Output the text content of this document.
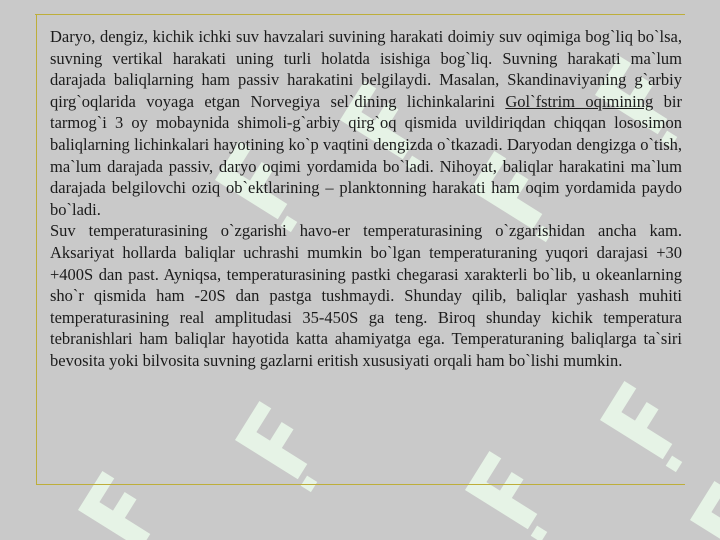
Daryo, dengiz, kichik ichki suv havzalari suvining harakati doimiy suv oqimiga bog`liq bo`lsa, suvning vertikal harakati uning turli holatda isishiga bog`liq. Suvning harakati ma`lum darajada baliqlarning ham passiv harakatini belgilaydi. Masalan, Skandinaviyaning g`arbiy qirg`oqlarida voyaga etgan Norvegiya sel`dining lichinkalarini Gol`fstrim oqimining bir tarmog`i 3 oy mobaynida shimoli-g`arbiy qirg`oq qismida uvildiriqdan chiqqan lososimon baliqlarning lichinkalari hayotining ko`p vaqtini dengizda o`tkazadi. Daryodan dengizga o`tish, ma`lum darajada passiv, daryo oqimi yordamida bo`ladi. Nihoyat, baliqlar harakatini ma`lum darajada belgilovchi oziq ob`ektlarining – planktonning harakati ham oqim yordamida paydo bo`ladi.

Suv temperaturasining o`zgarishi havo-er temperaturasining o`zgarishidan ancha kam. Aksariyat hollarda baliqlar uchrashi mumkin bo`lgan temperaturaning yuqori darajasi +30 +400S dan past. Ayniqsa, temperaturasining pastki chegarasi xarakterli bo`lib, u okeanlarning sho`r qismida ham -20S dan pastga tushmaydi. Shunday qilib, baliqlar yashash muhiti temperaturasining real amplitudasi 35-450S ga teng. Biroq shunday kichik temperatura tebranishlari ham baliqlar hayotida katta ahamiyatga ega. Temperaturaning baliqlarga ta`siri bevosita yoki bilvosita suvning gazlarni eritish xususiyati orqali ham bo`lishi mumkin.
